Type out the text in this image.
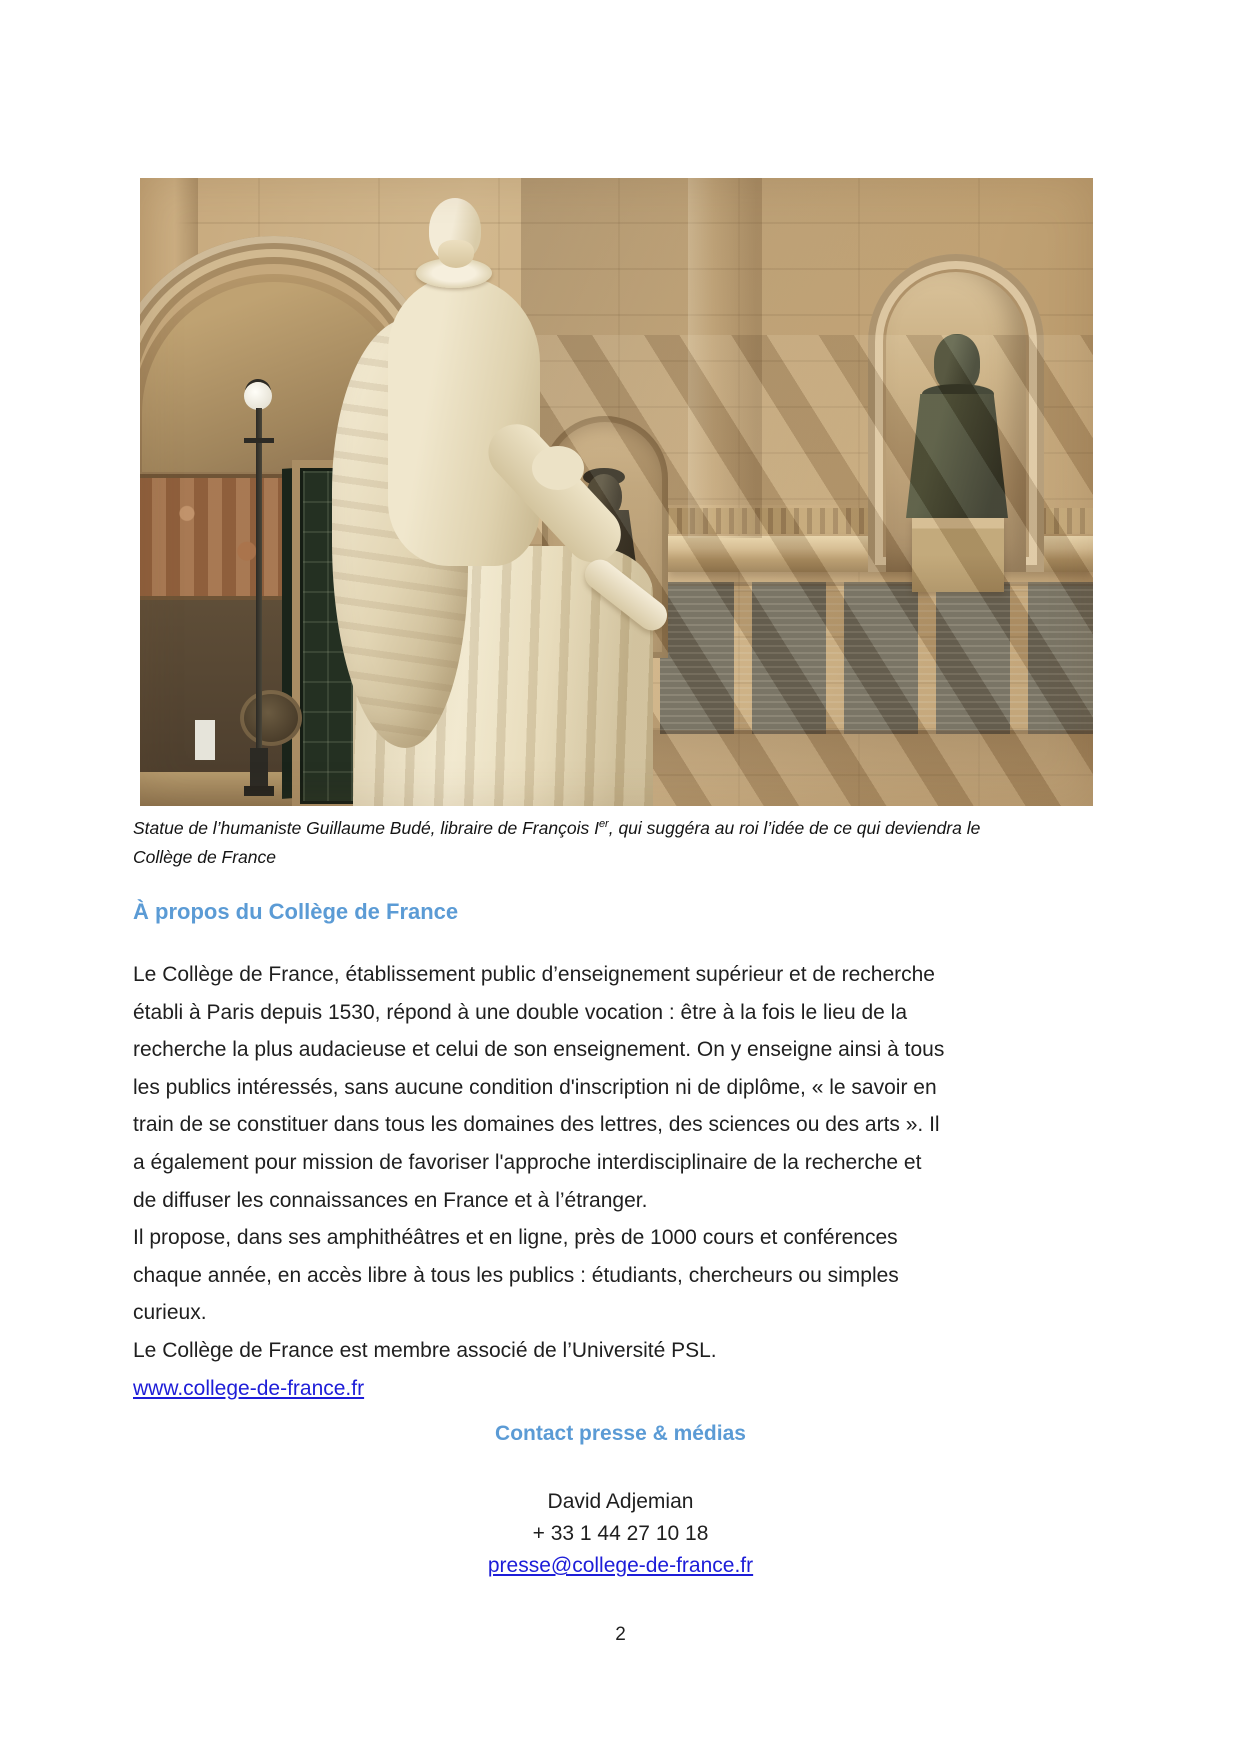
Statue de l’humaniste Guillaume Budé, libraire de François Ier, qui suggéra au roi l’idée de ce qui deviendra le
Collège de France
À propos du Collège de France
Le Collège de France, établissement public d’enseignement supérieur et de recherche
établi à Paris depuis 1530, répond à une double vocation : être à la fois le lieu de la
recherche la plus audacieuse et celui de son enseignement. On y enseigne ainsi à tous
les publics intéressés, sans aucune condition d'inscription ni de diplôme, « le savoir en
train de se constituer dans tous les domaines des lettres, des sciences ou des arts ». Il
a également pour mission de favoriser l'approche interdisciplinaire de la recherche et
de diffuser les connaissances en France et à l’étranger.
Il propose, dans ses amphithéâtres et en ligne, près de 1000 cours et conférences
chaque année, en accès libre à tous les publics : étudiants, chercheurs ou simples
curieux.
Le Collège de France est membre associé de l’Université PSL.
www.college-de-france.fr
Contact presse & médias
David Adjemian
+ 33 1 44 27 10 18
presse@college-de-france.fr
2
